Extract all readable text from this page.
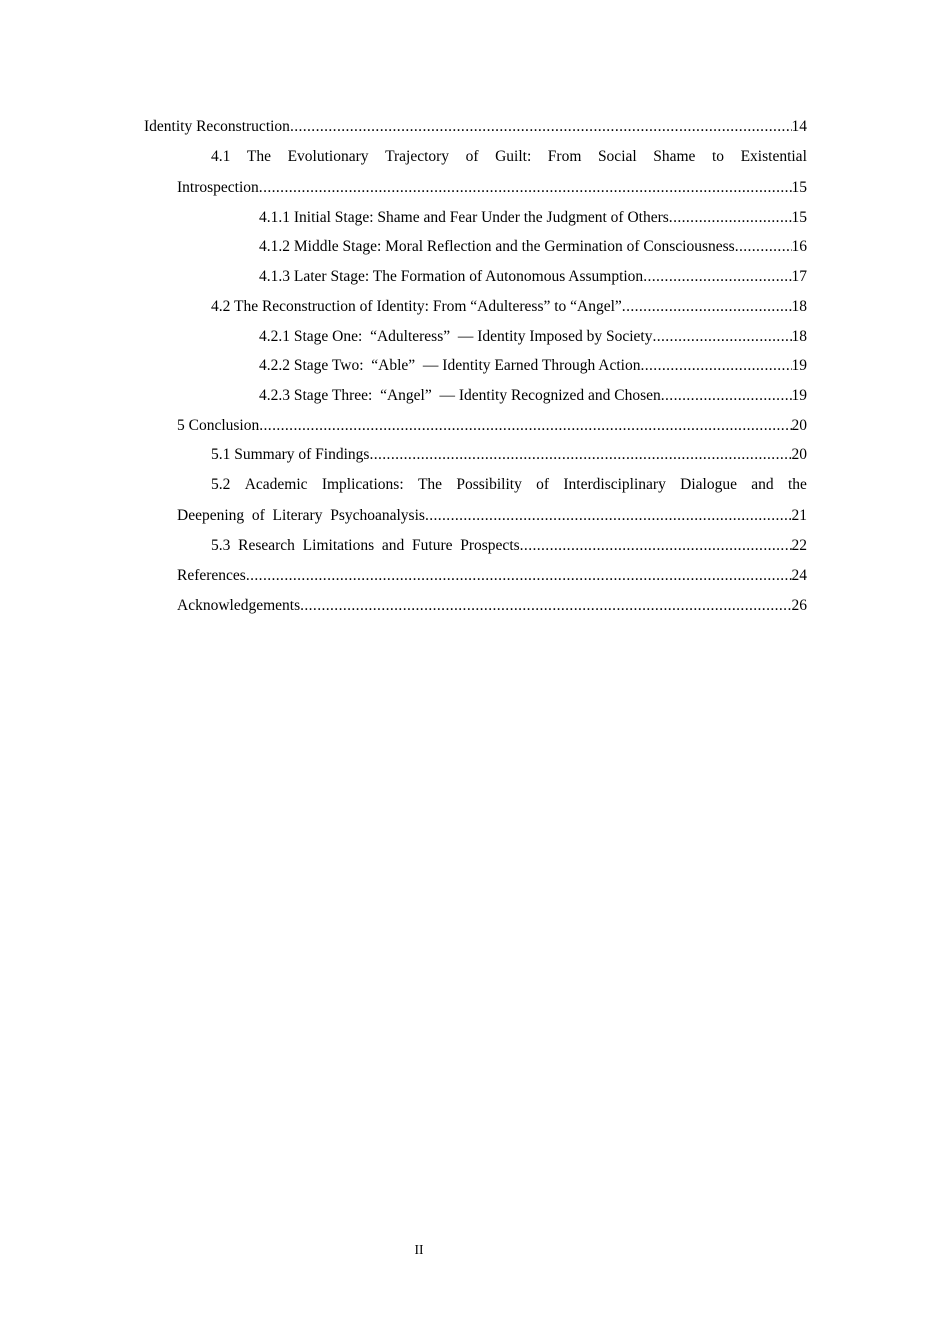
Identity Reconstruction .....	14
4.1 The Evolutionary Trajectory of Guilt: From Social Shame to Existential
Introspection .....	15
4.1.1 Initial Stage: Shame and Fear Under the Judgment of Others .....	15
4.1.2 Middle Stage: Moral Reflection and the Germination of Consciousness .....	16
4.1.3 Later Stage: The Formation of Autonomous Assumption .....	17
4.2 The Reconstruction of Identity: From “Adulteress” to “Angel” .....	18
4.2.1 Stage One:  “Adulteress”  — Identity Imposed by Society .....	18
4.2.2 Stage Two:  “Able”  — Identity Earned Through Action .....	19
4.2.3 Stage Three:  “Angel”  — Identity Recognized and Chosen .....	19
5 Conclusion .....	20
5.1 Summary of Findings .....	20
5.2 Academic Implications: The Possibility of Interdisciplinary Dialogue and the
Deepening  of  Literary  Psychoanalysis .....	21
5.3  Research  Limitations  and  Future  Prospects .....	22
References .....	24
Acknowledgements .....	26
II
